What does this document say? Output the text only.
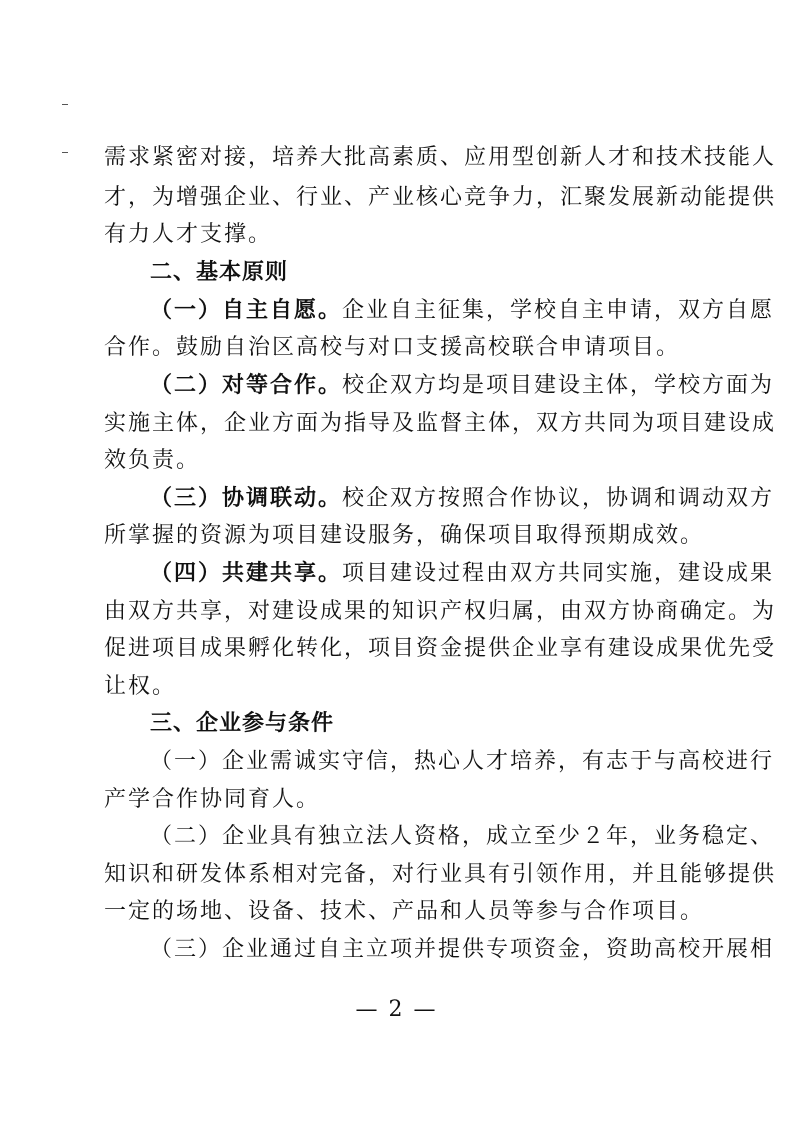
需求紧密对接，培养大批高素质、应用型创新人才和技术技能人
才，为增强企业、行业、产业核心竞争力，汇聚发展新动能提供
有力人才支撑。
二、基本原则
（一）自主自愿。企业自主征集，学校自主申请，双方自愿
合作。鼓励自治区高校与对口支援高校联合申请项目。
（二）对等合作。校企双方均是项目建设主体，学校方面为
实施主体，企业方面为指导及监督主体，双方共同为项目建设成
效负责。
（三）协调联动。校企双方按照合作协议，协调和调动双方
所掌握的资源为项目建设服务，确保项目取得预期成效。
（四）共建共享。项目建设过程由双方共同实施，建设成果
由双方共享，对建设成果的知识产权归属，由双方协商确定。为
促进项目成果孵化转化，项目资金提供企业享有建设成果优先受
让权。
三、企业参与条件
（一）企业需诚实守信，热心人才培养，有志于与高校进行
产学合作协同育人。
（二）企业具有独立法人资格，成立至少２年，业务稳定、
知识和研发体系相对完备，对行业具有引领作用，并且能够提供
一定的场地、设备、技术、产品和人员等参与合作项目。
（三）企业通过自主立项并提供专项资金，资助高校开展相
— 2 —
